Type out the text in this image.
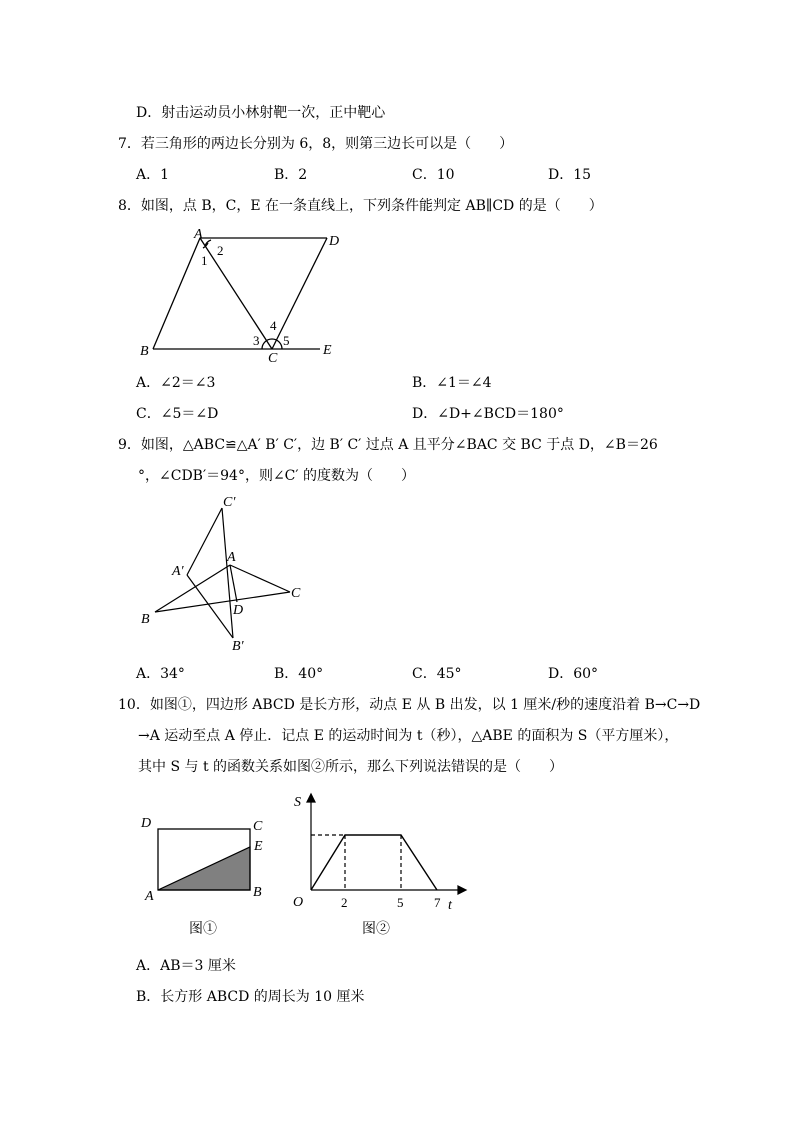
D．射击运动员小林射靶一次，正中靶心
7．若三角形的两边长分别为 6，8，则第三边长可以是（　　）
A．1	B．2	C．10	D．15
8．如图，点 B，C，E 在一条直线上，下列条件能判定 AB∥CD 的是（　　）
A
2
1
D
B	E
C
4
3 5
A．∠2＝∠3	B．∠1＝∠4
C．∠5＝∠D	D．∠D+∠BCD＝180°
9．如图，△ABC≌△A′ B′ C′，边 B′ C′ 过点 A 且平分∠BAC 交 BC 于点 D，∠B＝26
°，∠CDB′＝94°，则∠C′ 的度数为（　　）
C′
A
A′
C
B
D
B′
A．34°	B．40°	C．45°	D．60°
10．如图①，四边形 ABCD 是长方形，动点 E 从 B 出发，以 1 厘米/秒的速度沿着 B→C→D
→A 运动至点 A 停止．记点 E 的运动时间为 t（秒），△ABE 的面积为 S（平方厘米），
其中 S 与 t 的函数关系如图②所示，那么下列说法错误的是（　　）
D	C
E
A	B
图①
S
O	2	5 7 t
图②
A．AB＝3 厘米
B．长方形 ABCD 的周长为 10 厘米
